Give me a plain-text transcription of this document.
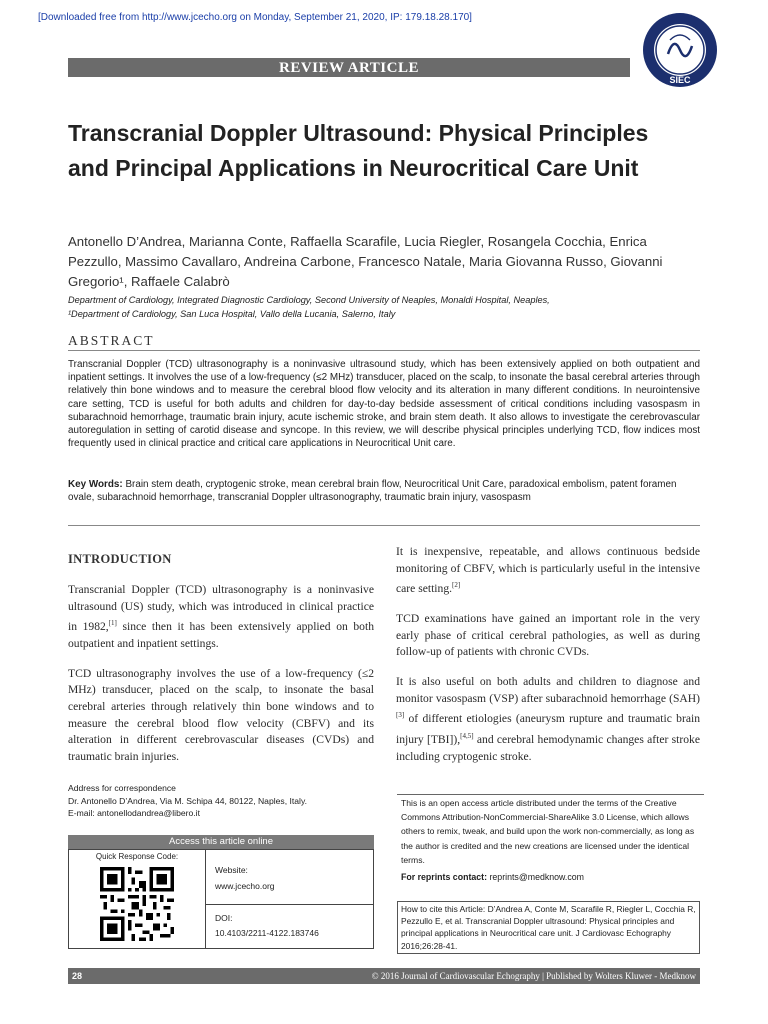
[Downloaded free from http://www.jcecho.org on Monday, September 21, 2020, IP: 179.18.28.170]
REVIEW ARTICLE
SIEC
Transcranial Doppler Ultrasound: Physical Principles and Principal Applications in Neurocritical Care Unit
Antonello D’Andrea, Marianna Conte, Raffaella Scarafile, Lucia Riegler, Rosangela Cocchia, Enrica Pezzullo, Massimo Cavallaro, Andreina Carbone, Francesco Natale, Maria Giovanna Russo, Giovanni Gregorio¹, Raffaele Calabrò
Department of Cardiology, Integrated Diagnostic Cardiology, Second University of Neaples, Monaldi Hospital, Neaples,
¹Department of Cardiology, San Luca Hospital, Vallo della Lucania, Salerno, Italy
ABSTRACT
Transcranial Doppler (TCD) ultrasonography is a noninvasive ultrasound study, which has been extensively applied on both outpatient and inpatient settings. It involves the use of a low-frequency (≤2 MHz) transducer, placed on the scalp, to insonate the basal cerebral arteries through relatively thin bone windows and to measure the cerebral blood flow velocity and its alteration in many different conditions. In neurointensive care setting, TCD is useful for both adults and children for day-to-day bedside assessment of critical conditions including vasospasm in subarachnoid hemorrhage, traumatic brain injury, acute ischemic stroke, and brain stem death. It also allows to investigate the cerebrovascular autoregulation in setting of carotid disease and syncope. In this review, we will describe physical principles underlying TCD, flow indices most frequently used in clinical practice and critical care applications in Neurocritical Unit care.
Key Words: Brain stem death, cryptogenic stroke, mean cerebral brain flow, Neurocritical Unit Care, paradoxical embolism, patent foramen ovale, subarachnoid hemorrhage, transcranial Doppler ultrasonography, traumatic brain injury, vasospasm
INTRODUCTION

Transcranial Doppler (TCD) ultrasonography is a noninvasive ultrasound (US) study, which was introduced in clinical practice in 1982,[1] since then it has been extensively applied on both outpatient and inpatient settings.

TCD ultrasonography involves the use of a low-frequency (≤2 MHz) transducer, placed on the scalp, to insonate the basal cerebral arteries through relatively thin bone windows and to measure the cerebral blood flow velocity (CBFV) and its alteration in different cerebrovascular diseases (CVDs) and traumatic brain injuries.

It is inexpensive, repeatable, and allows continuous bedside monitoring of CBFV, which is particularly useful in the intensive care setting.[2]

TCD examinations have gained an important role in the very early phase of critical cerebral pathologies, as well as during follow-up of patients with chronic CVDs.

It is also useful on both adults and children to diagnose and monitor vasospasm (VSP) after subarachnoid hemorrhage (SAH)[3] of different etiologies (aneurysm rupture and traumatic brain injury [TBI]),[4,5] and cerebral hemodynamic changes after stroke including cryptogenic stroke.

Address for correspondence
Dr. Antonello D’Andrea, Via M. Schipa 44, 80122, Naples, Italy.
E-mail: antonellodandrea@libero.it
Access this article online
Quick Response Code:
Website:
www.jcecho.org
DOI:
10.4103/2211-4122.183746
This is an open access article distributed under the terms of the Creative Commons Attribution-NonCommercial-ShareAlike 3.0 License, which allows others to remix, tweak, and build upon the work non-commercially, as long as the author is credited and the new creations are licensed under the identical terms.
For reprints contact: reprints@medknow.com
How to cite this Article: D’Andrea A, Conte M, Scarafile R, Riegler L, Cocchia R, Pezzullo E, et al. Transcranial Doppler ultrasound: Physical principles and principal applications in Neurocritical care unit. J Cardiovasc Echography 2016;26:28-41.
28	© 2016 Journal of Cardiovascular Echography | Published by Wolters Kluwer - Medknow
